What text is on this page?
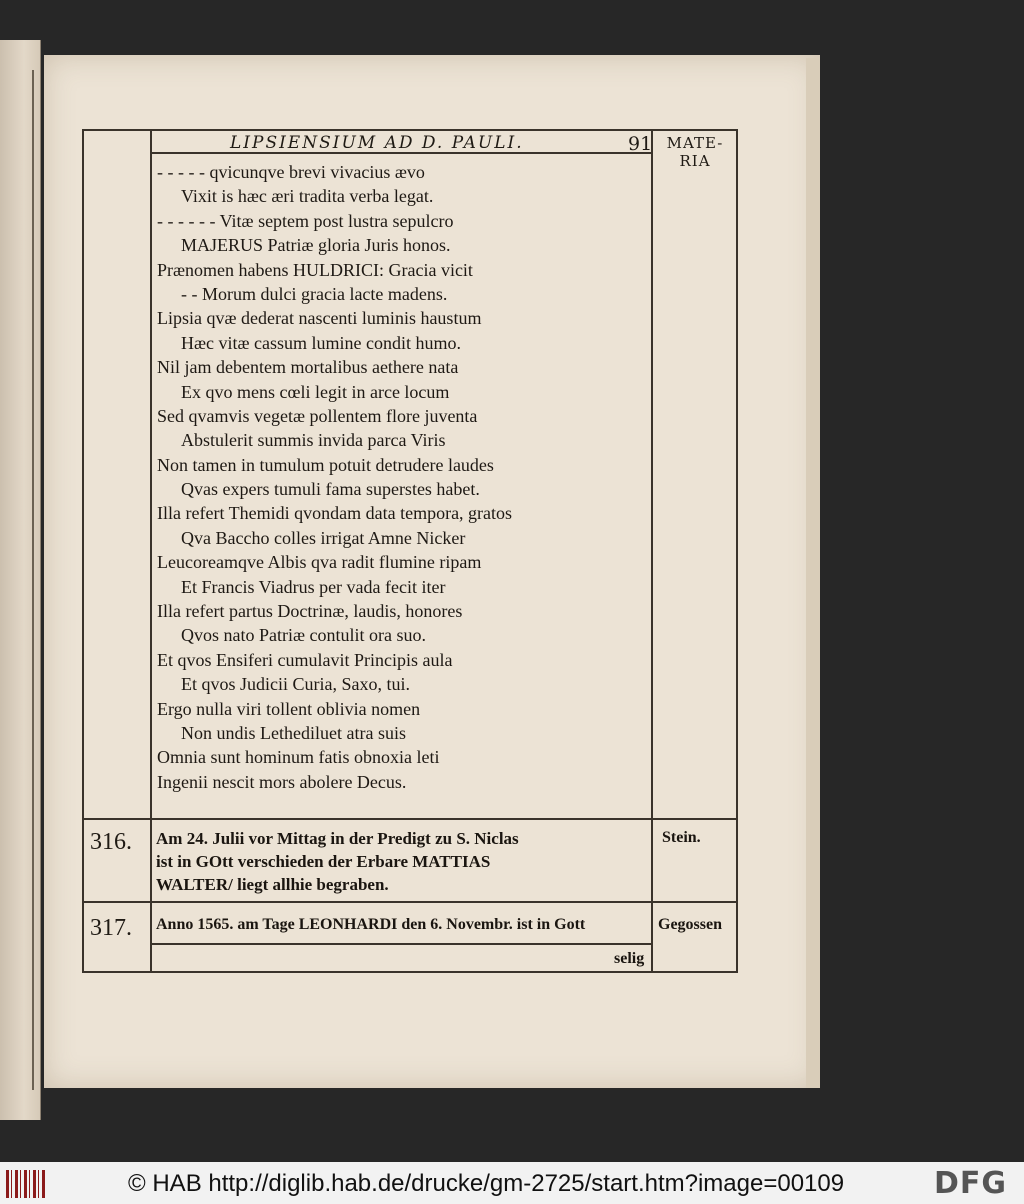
LIPSIENSIUM AD D. PAULI.	91 MATE-
RIA
- - - - - qvicunqve brevi vivacius ævo
Vixit is hæc æri tradita verba legat.
- - - - - - Vitæ septem post lustra sepulcro
MAJERUS Patriæ gloria Juris honos.
Prænomen habens HULDRICI: Gracia vicit
- - Morum dulci gracia lacte madens.
Lipsia qvæ dederat nascenti luminis haustum
Hæc vitæ cassum lumine condit humo.
Nil jam debentem mortalibus aethere nata
Ex qvo mens cœli legit in arce locum
Sed qvamvis vegetæ pollentem flore juventa
Abstulerit summis invida parca Viris
Non tamen in tumulum potuit detrudere laudes
Qvas expers tumuli fama superstes habet.
Illa refert Themidi qvondam data tempora, gratos
Qva Baccho colles irrigat Amne Nicker
Leucoreamqve Albis qva radit flumine ripam
Et Francis Viadrus per vada fecit iter
Illa refert partus Doctrinæ, laudis, honores
Qvos nato Patriæ contulit ora suo.
Et qvos Ensiferi cumulavit Principis aula
Et qvos Judicii Curia, Saxo, tui.
Ergo nulla viri tollent oblivia nomen
Non undis Lethediluet atra suis
Omnia sunt hominum fatis obnoxia leti
Ingenii nescit mors abolere Decus.
316. Am 24. Julii vor Mittag in der Predigt zu S. Niclas
ist in GOtt verschieden der Erbare MATTIAS
WALTER/ liegt allhie begraben.
Stein.
317. Anno 1565. am Tage LEONHARDI den 6. Novembr. ist in Gott
selig
Gegossen
© HAB http://diglib.hab.de/drucke/gm-2725/start.htm?image=00109	DFG
